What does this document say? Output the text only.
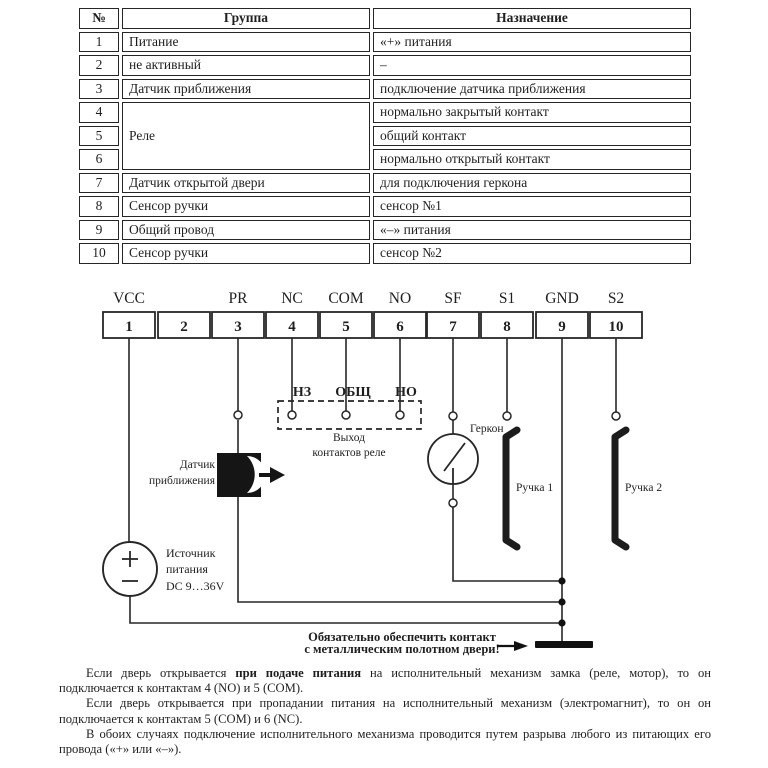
№	Группа	Назначение
1	Питание	«+» питания
2	не активный	–
3	Датчик приближения	подключение датчика приближения
4	Реле	нормально закрытый контакт
5		общий контакт
6		нормально открытый контакт
7	Датчик открытой двери	для подключения геркона
8	Сенсор ручки	сенсор №1
9	Общий провод	«–» питания
10	Сенсор ручки	сенсор №2
VCC
1	2
PR
3
NC
4
COM
5
NO
6
SF
7
S1
8
GND
9
S2
10
НЗ ОБЩ НО
Выход
контактов реле
Датчик
приближения
Геркон
Ручка 1	Ручка 2
Источник
питания
DC 9…36V
Обязательно обеспечить контакт
с металлическим полотном двери!

Если дверь открывается при подаче питания на исполнительный механизм замка (реле, мотор), то он подключается к контактам 4 (NO) и 5 (COM).

Если дверь открывается при пропадании питания на исполнительный механизм (электромагнит), то он он подключается к контактам 5 (COM) и 6 (NC).

В обоих случаях подключение исполнительного механизма проводится путем разрыва любого из питающих его провода («+» или «–»).
